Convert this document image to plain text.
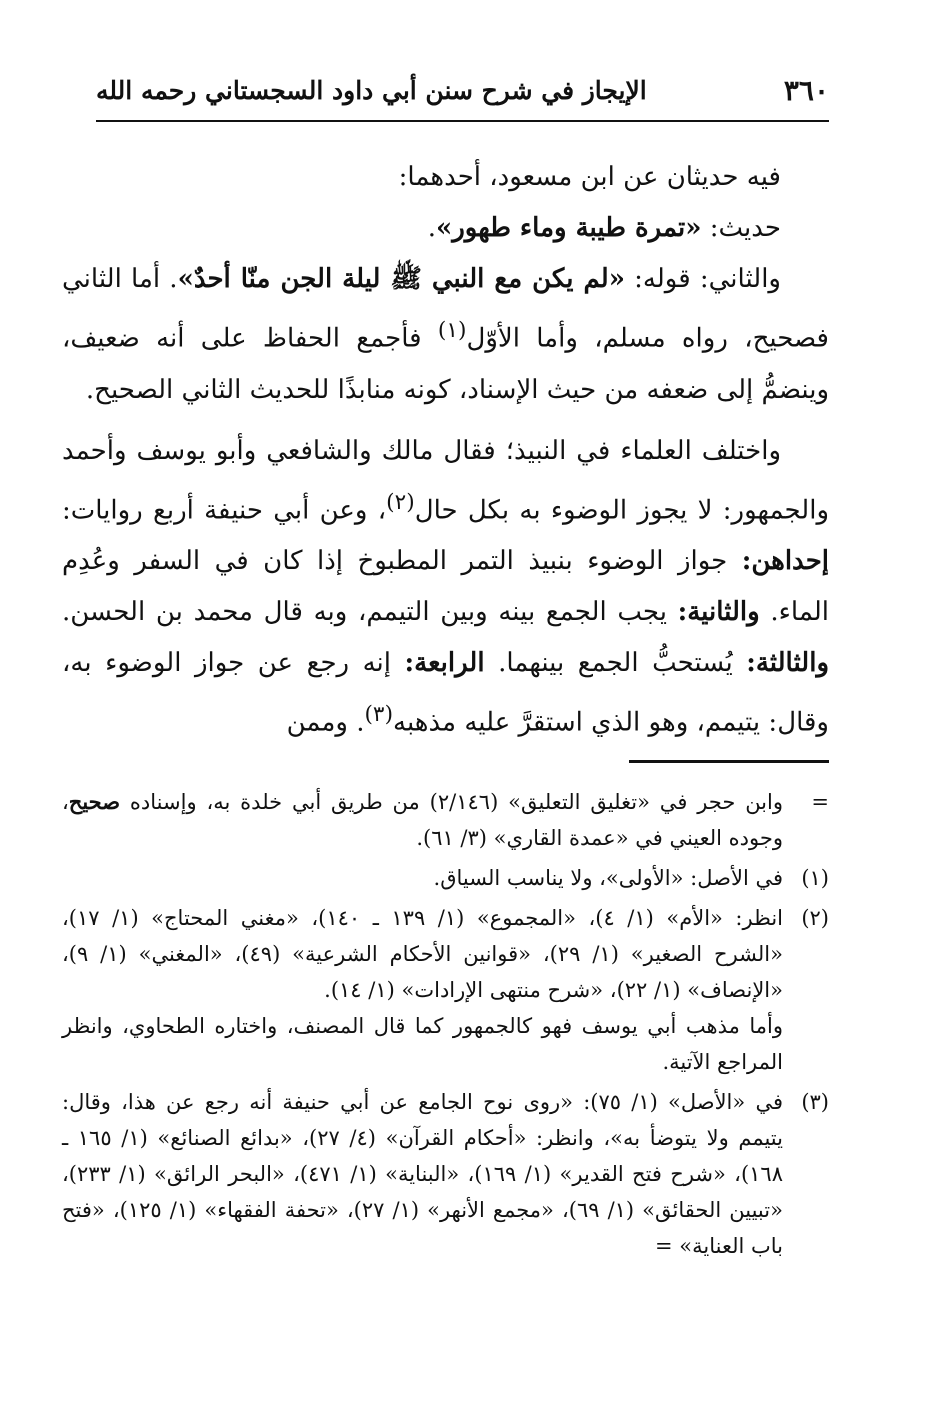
٣٦٠
الإيجاز في شرح سنن أبي داود السجستاني رحمه الله

فيه حديثان عن ابن مسعود، أحدهما:

حديث: «تمرة طيبة وماء طهور».

والثاني: قوله: «لم يكن مع النبي ﷺ ليلة الجن منّا أحدٌ». أما الثاني فصحيح، رواه مسلم، وأما الأوّل$^{(١)}$ فأجمع الحفاظ على أنه ضعيف، وينضمُّ إلى ضعفه من حيث الإسناد، كونه منابذًا للحديث الثاني الصحيح.

واختلف العلماء في النبيذ؛ فقال مالك والشافعي وأبو يوسف وأحمد والجمهور: لا يجوز الوضوء به بكل حال$^{(٢)}$، وعن أبي حنيفة أربع روايات: إحداهن: جواز الوضوء بنبيذ التمر المطبوخ إذا كان في السفر وعُدِم الماء. والثانية: يجب الجمع بينه وبين التيمم، وبه قال محمد بن الحسن. والثالثة: يُستحبُّ الجمع بينهما. الرابعة: إنه رجع عن جواز الوضوء به، وقال: يتيمم، وهو الذي استقرَّ عليه مذهبه$^{(٣)}$. وممن

=
وابن حجر في «تغليق التعليق» (٢/١٤٦) من طريق أبي خلدة به، وإسناده صحيح، وجوده العيني في «عمدة القاري» (٣/ ٦١).
(١)
في الأصل: «الأولى»، ولا يناسب السياق.
(٢)
انظر: «الأم» (١/ ٤)، «المجموع» (١/ ١٣٩ ـ ١٤٠)، «مغني المحتاج» (١/ ١٧)، «الشرح الصغير» (١/ ٢٩)، «قوانين الأحكام الشرعية» (٤٩)، «المغني» (١/ ٩)، «الإنصاف» (١/ ٢٢)، «شرح منتهى الإرادات» (١/ ١٤).

وأما مذهب أبي يوسف فهو كالجمهور كما قال المصنف، واختاره الطحاوي، وانظر المراجع الآتية.

(٣)
في «الأصل» (١/ ٧٥): «روى نوح الجامع عن أبي حنيفة أنه رجع عن هذا، وقال: يتيمم ولا يتوضأ به»، وانظر: «أحكام القرآن» (٤/ ٢٧)، «بدائع الصنائع» (١/ ١٦٥ ـ ١٦٨)، «شرح فتح القدير» (١/ ١٦٩)، «البناية» (١/ ٤٧١)، «البحر الرائق» (١/ ٢٣٣)، «تبيين الحقائق» (١/ ٦٩)، «مجمع الأنهر» (١/ ٢٧)، «تحفة الفقهاء» (١/ ١٢٥)، «فتح باب العناية» =
